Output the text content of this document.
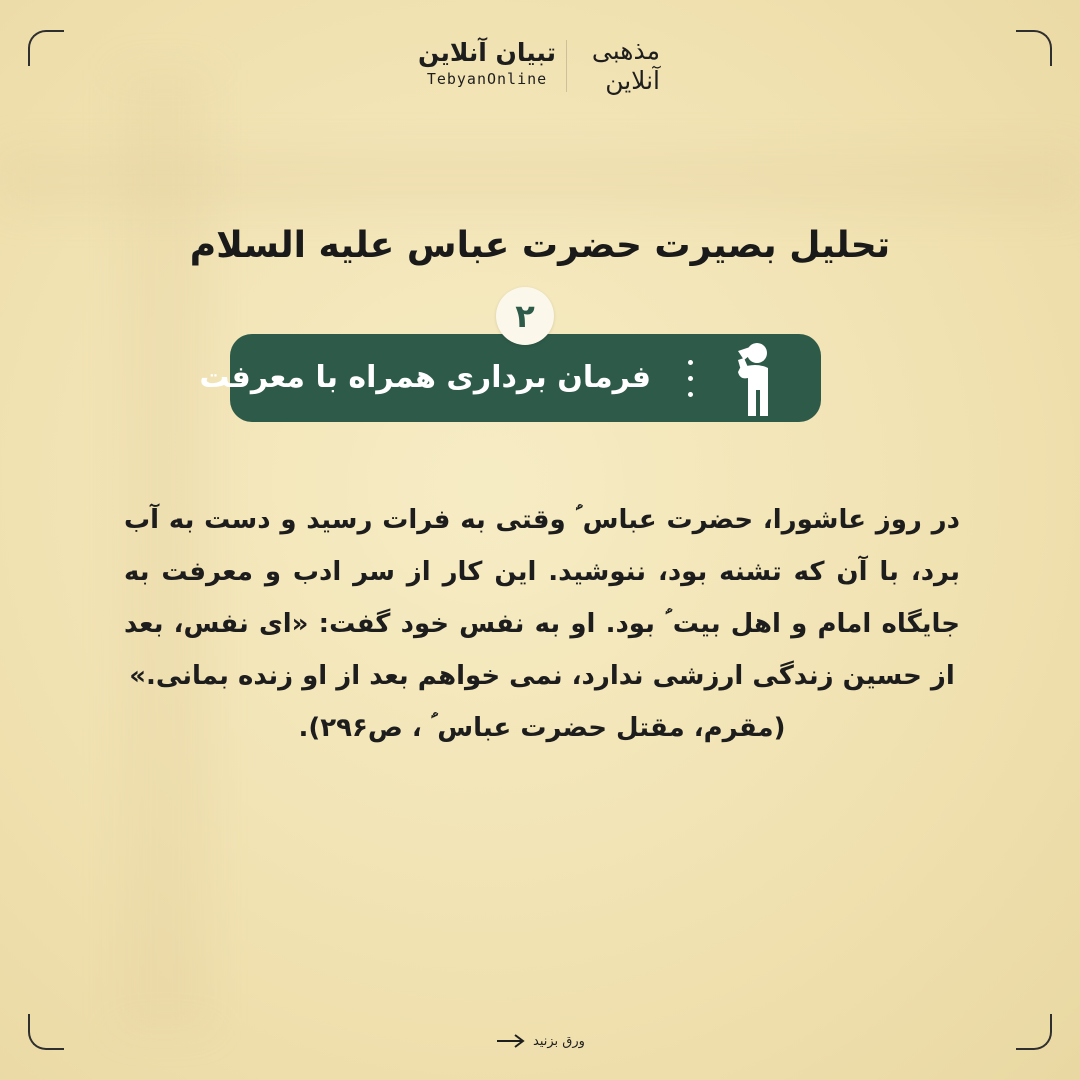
تبیان آنلاین
TebyanOnline
مذهبی
آنلاین
تحلیل بصیرت حضرت عباس علیه السلام
۲
فرمان برداری همراه با معرفت

در روز عاشورا، حضرت عباس ؑ وقتی به فرات رسید و دست به آب برد، با آن که تشنه بود، ننوشید. این کار از سر ادب و معرفت به جایگاه امام و اهل بیت ؑ بود. او به نفس خود گفت: «ای نفس، بعد از حسین زندگی ارزشی ندارد، نمی خواهم بعد از او زنده بمانی.»

(مقرم، مقتل حضرت عباس ؑ ، ص۲۹۶).

ورق بزنید
